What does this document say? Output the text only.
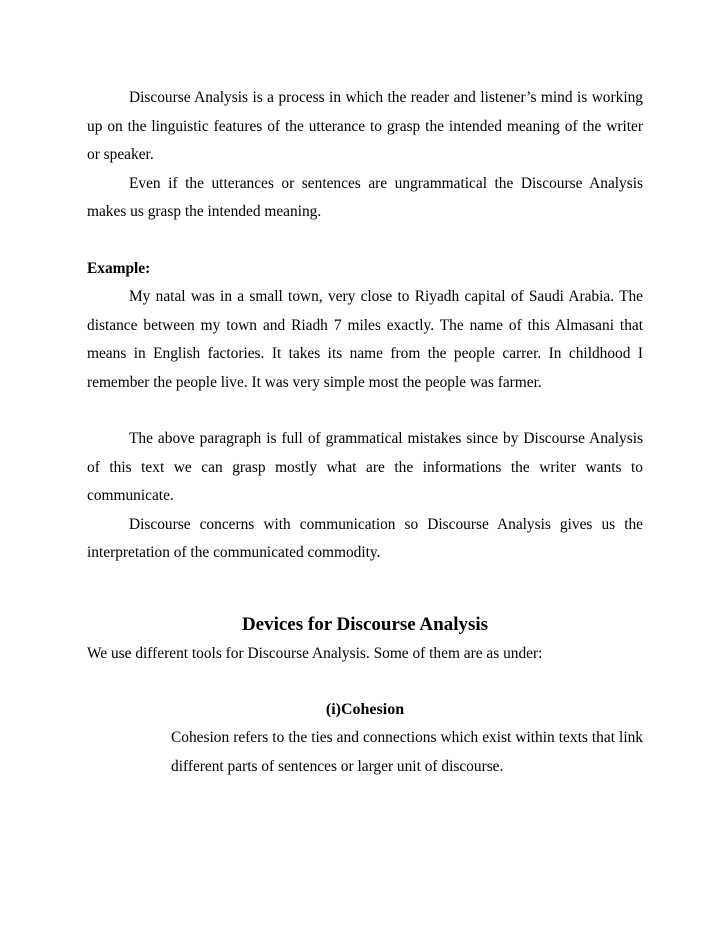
Discourse Analysis is a process in which the reader and listener’s mind is working up on the linguistic features of the utterance to grasp the intended meaning of the writer or speaker.

Even if the utterances or sentences are ungrammatical the Discourse Analysis makes us grasp the intended meaning.

Example:

My natal was in a small town, very close to Riyadh capital of Saudi Arabia. The distance between my town and Riadh 7 miles exactly. The name of this Almasani that means in English factories. It takes its name from the people carrer. In childhood I remember the people live. It was very simple most the people was farmer.

The above paragraph is full of grammatical mistakes since by Discourse Analysis of this text we can grasp mostly what are the informations the writer wants to communicate.

Discourse concerns with communication so Discourse Analysis gives us the interpretation of the communicated commodity.

Devices for Discourse Analysis

We use different tools for Discourse Analysis. Some of them are as under:

(i)Cohesion

Cohesion refers to the ties and connections which exist within texts that link different parts of sentences or larger unit of discourse.
